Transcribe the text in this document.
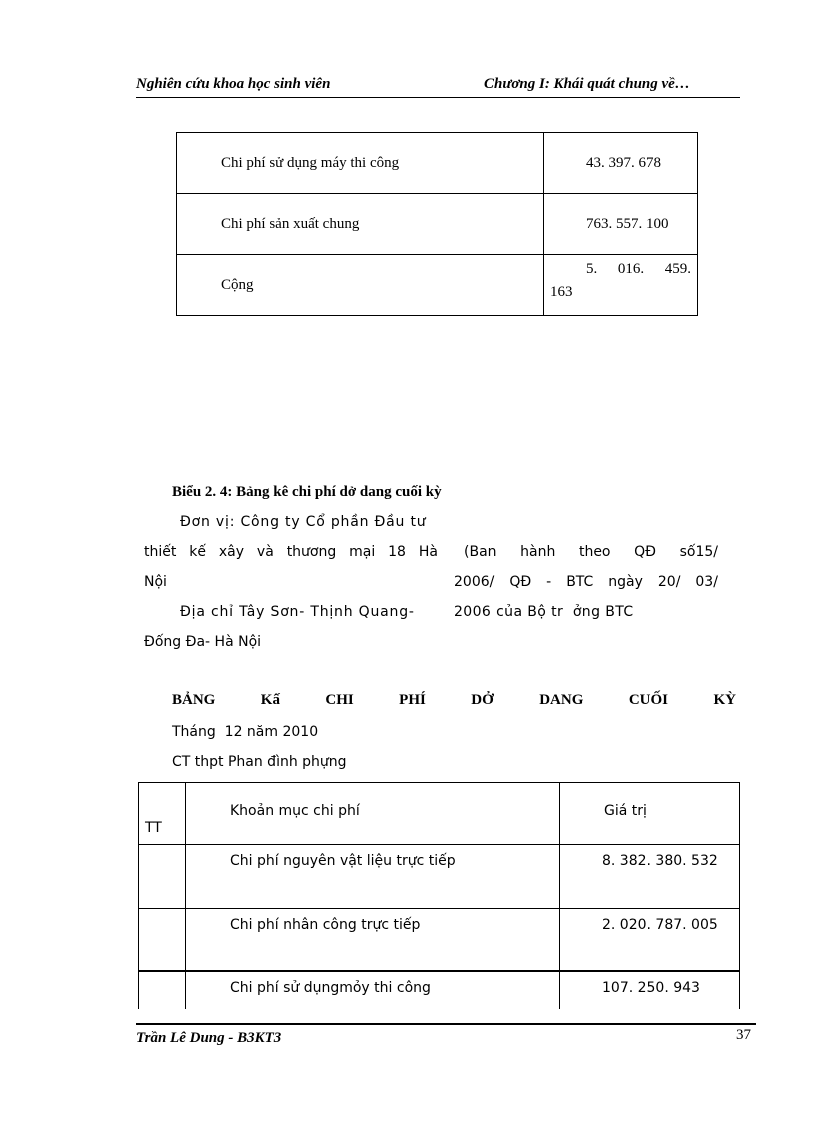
Nghiên cứu khoa học sinh viên	Chương I: Khái quát chung về…
Chi phí sử dụng máy thi công	43. 397. 678

Chi phí sản xuất chung	763. 557. 100

Cộng	5. 016. 459.
163
Biểu 2. 4: Bảng kê chi phí dở dang cuối kỳ
Đơn vị: Công ty Cổ phần Đầu tư
thiết kế xây và thương mại 18 Hà
Nội
Địa chỉ Tây Sơn- Thịnh Quang-
Đống Đa- Hà Nội
(Ban hành theo QĐ số15/
2006/ QĐ - BTC ngày 20/ 03/
2006 của Bộ tr  ởng BTC
BẢNG	Kấ	CHI	PHÍ	DỞ	DANG	CUỐI	KỲ
Tháng  12 năm 2010
CT thpt Phan đình phựng
TT	Khoản mục chi phí	Giá trị
	Chi phí nguyên vật liệu trực tiếp	8. 382. 380. 532
	Chi phí nhân công trực tiếp	2. 020. 787. 005
	Chi phí sử dụngmỏy thi công	107. 250. 943
Trần Lê Dung - B3KT3	37
